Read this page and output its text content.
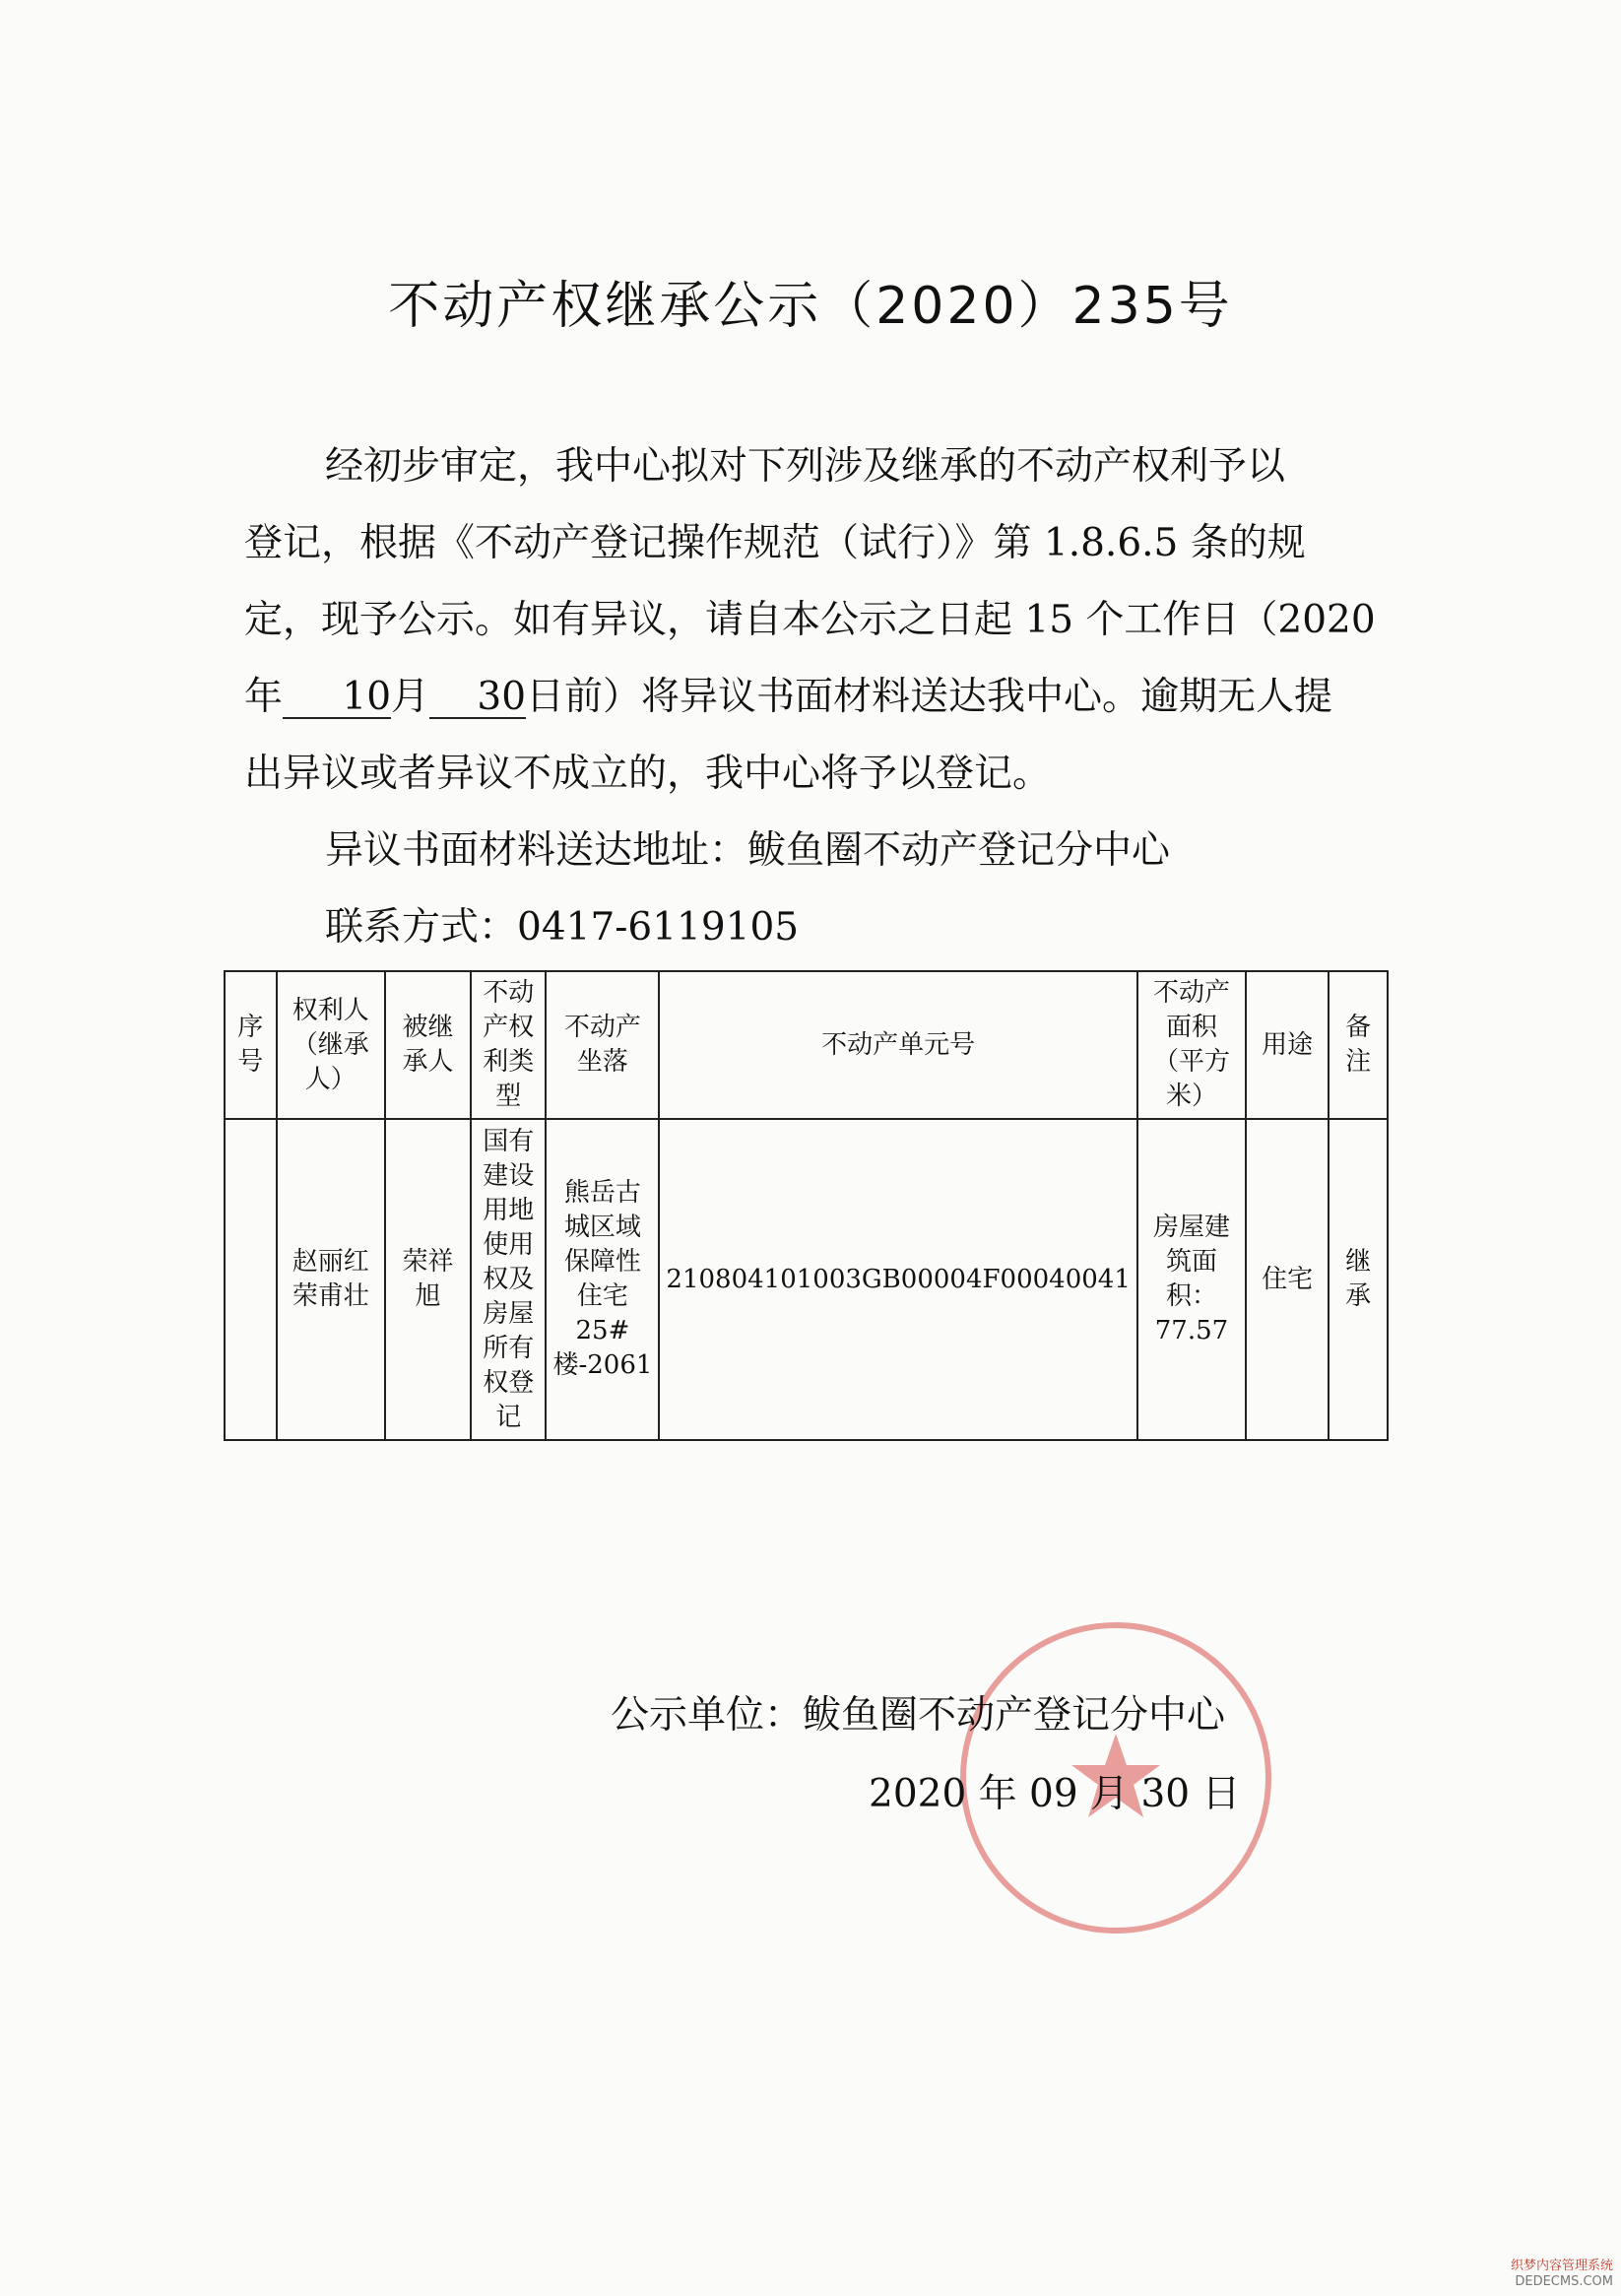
不动产权继承公示（2020）235号

经初步审定，我中心拟对下列涉及继承的不动产权利予以

登记，根据《不动产登记操作规范（试行）》第 1.8.6.5 条的规

定，现予公示。如有异议，请自本公示之日起 15 个工作日（2020

年 10月 30日前）将异议书面材料送达我中心。逾期无人提

出异议或者异议不成立的，我中心将予以登记。

异议书面材料送达地址：鲅鱼圈不动产登记分中心

联系方式：0417-6119105

序号	权利人（继承人）	被继承人	不动产权利类型	不动产坐落	不动产单元号	不动产面积（平方米）	用途	备注
	赵丽红荣甫壮	荣祥旭	国有建设用地使用权及房屋所有权登记	熊岳古城区域保障性住宅25#楼-2061	210804101003GB00004F00040041	房屋建筑面积：77.57	住宅	继承
公示单位：鲅鱼圈不动产登记分中心
2020 年 09 月 30 日
织梦内容管理系统
DEDECMS.COM
